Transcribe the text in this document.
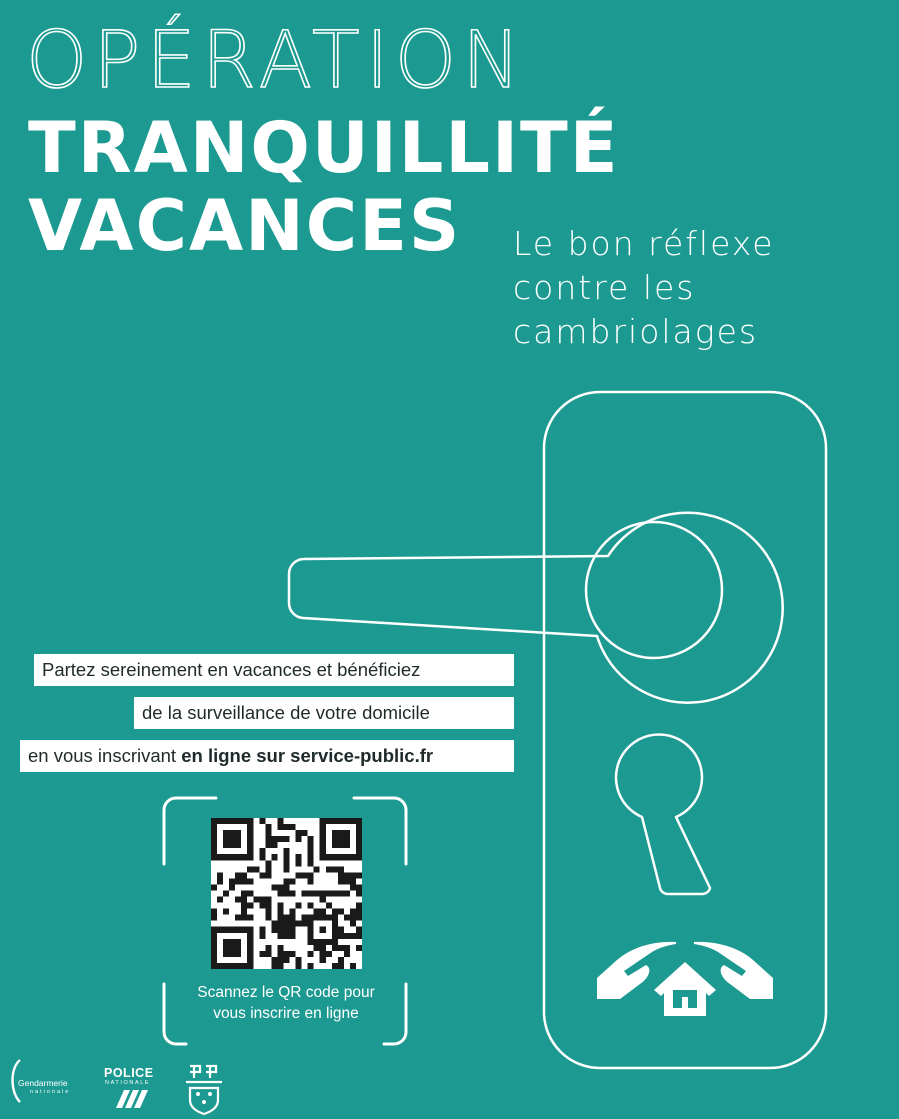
OPÉRATION
TRANQUILLITÉ
VACANCES Le bon réflexe
contre les
cambriolages
Partez sereinement en vacances et bénéficiez
de la surveillance de votre domicile
en vous inscrivant en ligne sur service-public.fr
Scannez le QR code pour
vous inscrire en ligne
Gendarmerie
nationale
POLICE
NATIONALE
